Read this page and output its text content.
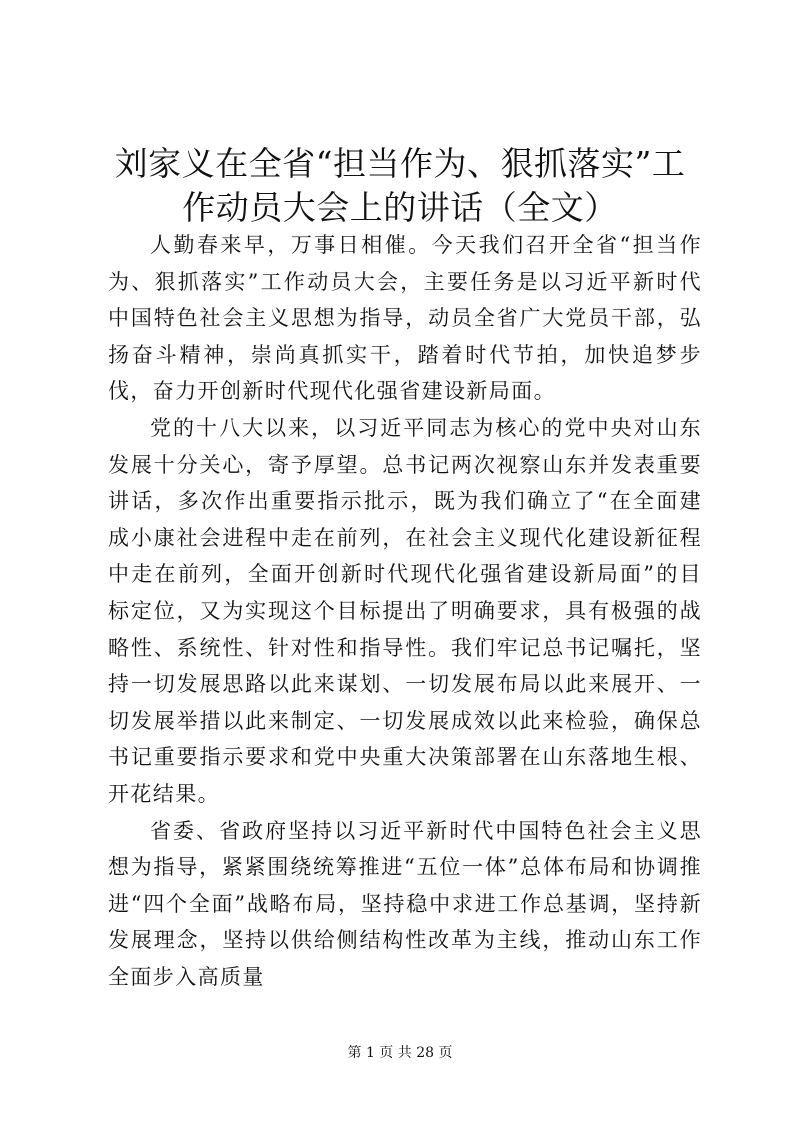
刘家义在全省“担当作为、狠抓落实”工作动员大会上的讲话（全文）

人勤春来早，万事日相催。今天我们召开全省“担当作为、狠抓落实”工作动员大会，主要任务是以习近平新时代中国特色社会主义思想为指导，动员全省广大党员干部，弘扬奋斗精神，崇尚真抓实干，踏着时代节拍，加快追梦步伐，奋力开创新时代现代化强省建设新局面。

党的十八大以来，以习近平同志为核心的党中央对山东发展十分关心，寄予厚望。总书记两次视察山东并发表重要讲话，多次作出重要指示批示，既为我们确立了“在全面建成小康社会进程中走在前列，在社会主义现代化建设新征程中走在前列，全面开创新时代现代化强省建设新局面”的目标定位，又为实现这个目标提出了明确要求，具有极强的战略性、系统性、针对性和指导性。我们牢记总书记嘱托，坚持一切发展思路以此来谋划、一切发展布局以此来展开、一切发展举措以此来制定、一切发展成效以此来检验，确保总书记重要指示要求和党中央重大决策部署在山东落地生根、开花结果。

省委、省政府坚持以习近平新时代中国特色社会主义思想为指导，紧紧围绕统筹推进“五位一体”总体布局和协调推进“四个全面”战略布局，坚持稳中求进工作总基调，坚持新发展理念，坚持以供给侧结构性改革为主线，推动山东工作全面步入高质量

第 1 页 共 28 页
